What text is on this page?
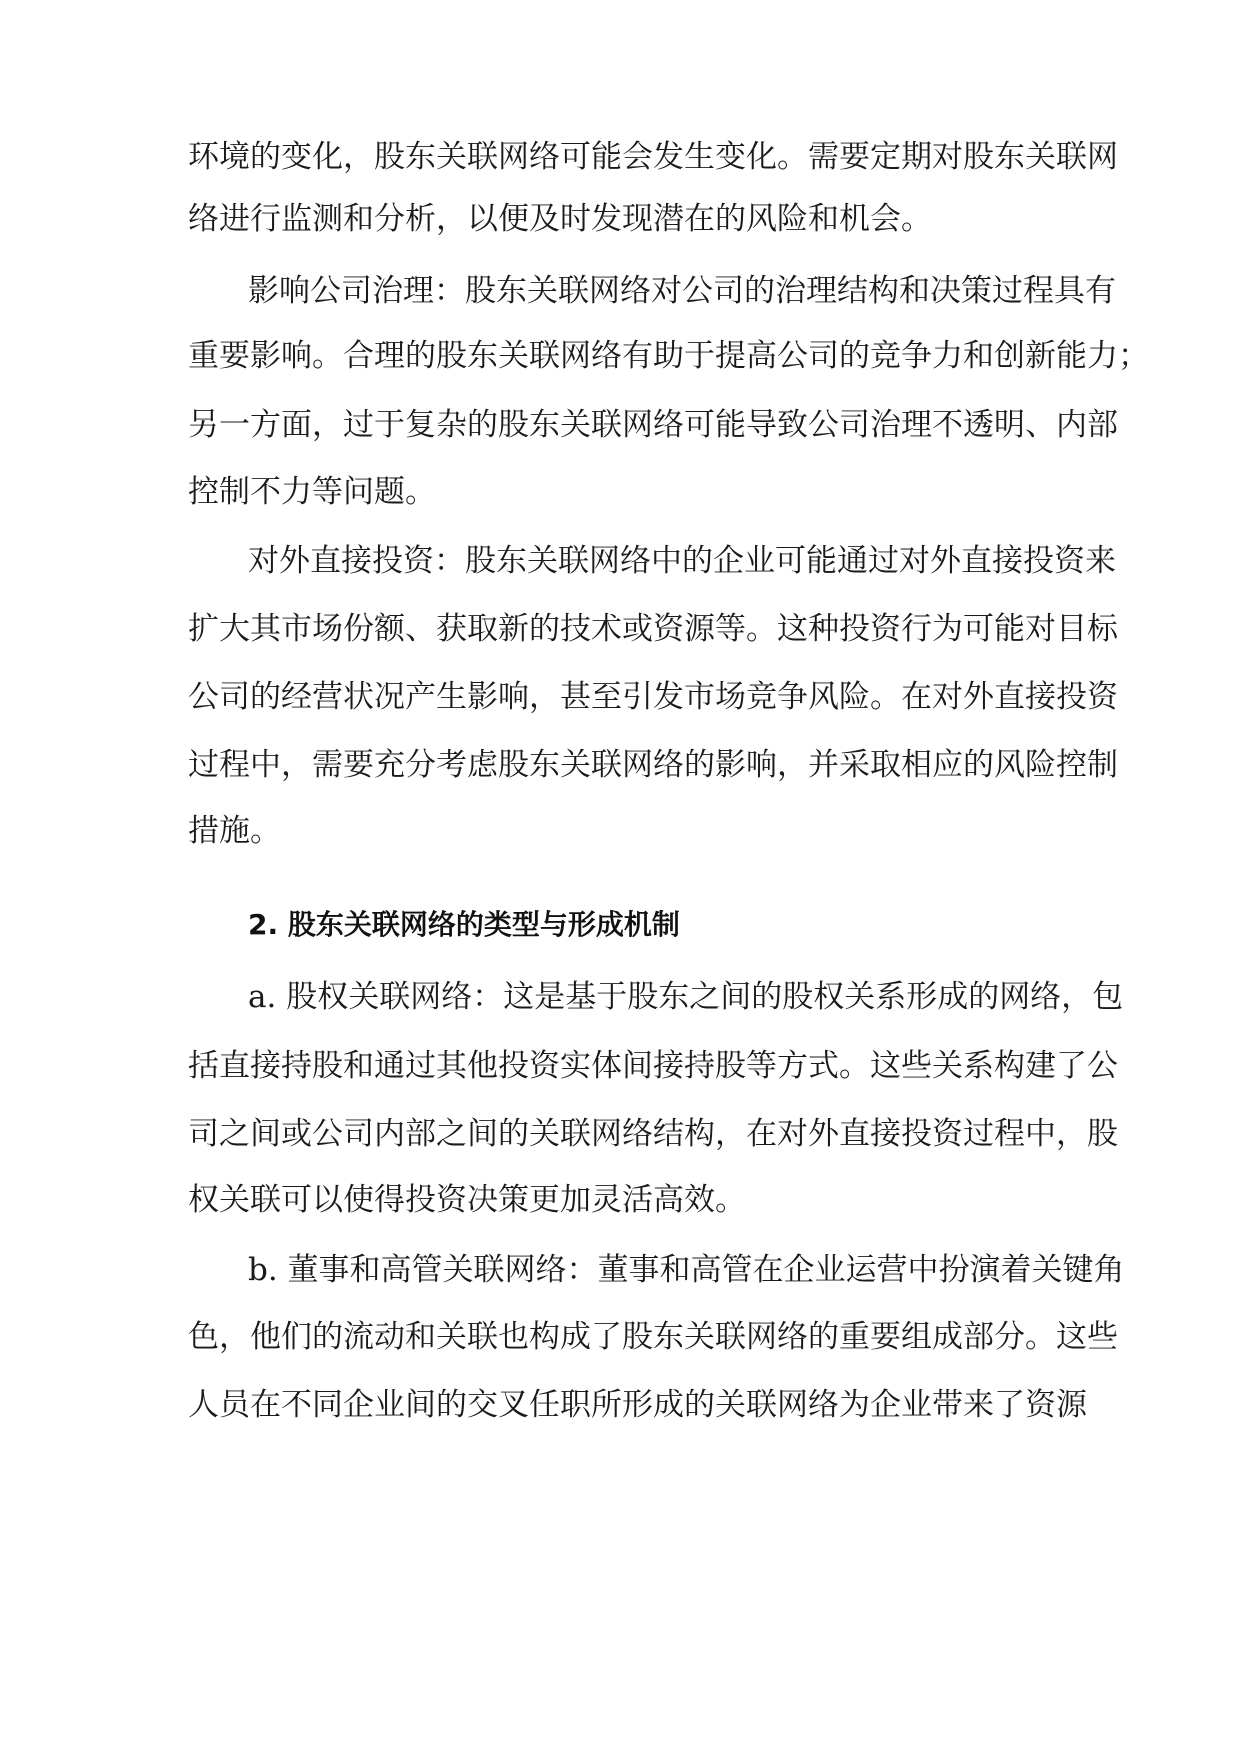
环境的变化，股东关联网络可能会发生变化。需要定期对股东关联网
络进行监测和分析，以便及时发现潜在的风险和机会。
影响公司治理：股东关联网络对公司的治理结构和决策过程具有
重要影响。合理的股东关联网络有助于提高公司的竞争力和创新能力；
另一方面，过于复杂的股东关联网络可能导致公司治理不透明、内部
控制不力等问题。
对外直接投资：股东关联网络中的企业可能通过对外直接投资来
扩大其市场份额、获取新的技术或资源等。这种投资行为可能对目标
公司的经营状况产生影响，甚至引发市场竞争风险。在对外直接投资
过程中，需要充分考虑股东关联网络的影响，并采取相应的风险控制
措施。
2. 股东关联网络的类型与形成机制
a. 股权关联网络：这是基于股东之间的股权关系形成的网络，包
括直接持股和通过其他投资实体间接持股等方式。这些关系构建了公
司之间或公司内部之间的关联网络结构，在对外直接投资过程中，股
权关联可以使得投资决策更加灵活高效。
b. 董事和高管关联网络：董事和高管在企业运营中扮演着关键角
色，他们的流动和关联也构成了股东关联网络的重要组成部分。这些
人员在不同企业间的交叉任职所形成的关联网络为企业带来了资源
